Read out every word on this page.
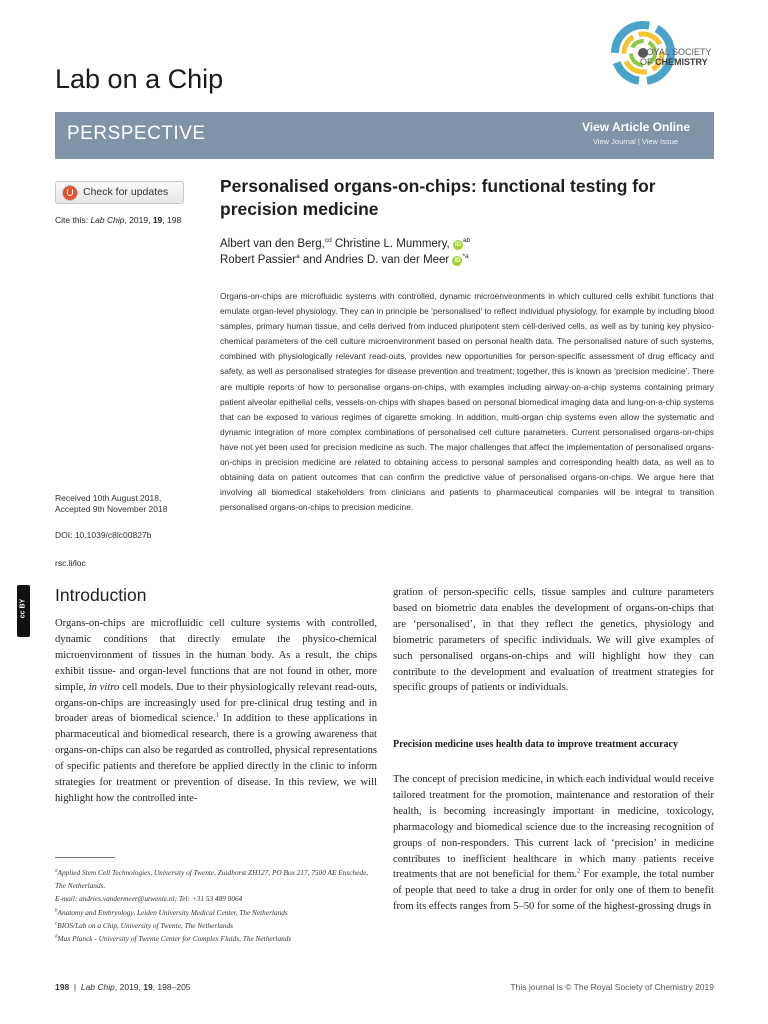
Lab on a Chip
ROYAL SOCIETY
OF CHEMISTRY
PERSPECTIVE	View Article Online
View Journal | View Issue
Check for updates
Cite this: Lab Chip, 2019, 19, 198
Personalised organs-on-chips: functional testing for precision medicine
Albert van den Berg,$^{cd}$ Christine L. Mummery, $iD^{ab}$
Robert Passier$^a$ and Andries D. van der Meer $iD^{*a}$
Organs-on-chips are microfluidic systems with controlled, dynamic microenvironments in which cultured cells exhibit functions that emulate organ-level physiology. They can in principle be ‘personalised’ to reflect individual physiology, for example by including blood samples, primary human tissue, and cells derived from induced pluripotent stem cell-derived cells, as well as by tuning key physico-chemical parameters of the cell culture microenvironment based on personal health data. The personalised nature of such systems, combined with physiologically relevant read-outs, provides new opportunities for person-specific assessment of drug efficacy and safety, as well as personalised strategies for disease prevention and treatment; together, this is known as ‘precision medicine’. There are multiple reports of how to personalise organs-on-chips, with examples including airway-on-a-chip systems containing primary patient alveolar epithelial cells, vessels-on-chips with shapes based on personal biomedical imaging data and lung-on-a-chip systems that can be exposed to various regimes of cigarette smoking. In addition, multi-organ chip systems even allow the systematic and dynamic integration of more complex combinations of personalised cell culture parameters. Current personalised organs-on-chips have not yet been used for precision medicine as such. The major challenges that affect the implementation of personalised organs-on-chips in precision medicine are related to obtaining access to personal samples and corresponding health data, as well as to obtaining data on patient outcomes that can confirm the predictive value of personalised organs-on-chips. We argue here that involving all biomedical stakeholders from clinicians and patients to pharmaceutical companies will be integral to transition personalised organs-on-chips to precision medicine.
Received 10th August 2018,
Accepted 9th November 2018
DOI: 10.1039/c8lc00827b
rsc.li/loc
cc BY
Introduction
Organs-on-chips are microfluidic cell culture systems with controlled, dynamic conditions that directly emulate the physico-chemical microenvironment of tissues in the human body. As a result, the chips exhibit tissue- and organ-level functions that are not found in other, more simple, in vitro cell models. Due to their physiologically relevant read-outs, organs-on-chips are increasingly used for pre-clinical drug testing and in broader areas of biomedical science.$^1$ In addition to these applications in pharmaceutical and biomedical research, there is a growing awareness that organs-on-chips can also be regarded as controlled, physical representations of specific patients and therefore be applied directly in the clinic to inform strategies for treatment or prevention of disease. In this review, we will highlight how the controlled inte-
gration of person-specific cells, tissue samples and culture parameters based on biometric data enables the development of organs-on-chips that are ‘personalised’, in that they reflect the genetics, physiology and biometric parameters of specific individuals. We will give examples of such personalised organs-on-chips and will highlight how they can contribute to the development and evaluation of treatment strategies for specific groups of patients or individuals.
Precision medicine uses health data to improve treatment accuracy
The concept of precision medicine, in which each individual would receive tailored treatment for the promotion, maintenance and restoration of their health, is becoming increasingly important in medicine, toxicology, pharmacology and biomedical science due to the increasing recognition of groups of non-responders. This current lack of ‘precision’ in medicine contributes to inefficient healthcare in which many patients receive treatments that are not beneficial for them.$^2$ For example, the total number of people that need to take a drug in order for only one of them to benefit from its effects ranges from 5–50 for some of the highest-grossing drugs in
$^a$Applied Stem Cell Technologies, University of Twente, Zuidhorst ZH127, PO Box 217, 7500 AE Enschede, The Netherlands.
E-mail: andries.vandermeer@utwente.nl; Tel: +31 53 489 8064
$^b$Anatomy and Embryology, Leiden University Medical Center, The Netherlands
$^c$BIOS/Lab on a Chip, University of Twente, The Netherlands
$^d$Max Planck - University of Twente Center for Complex Fluids, The Netherlands
198  |  Lab Chip, 2019, 19, 198–205	This journal is © The Royal Society of Chemistry 2019
